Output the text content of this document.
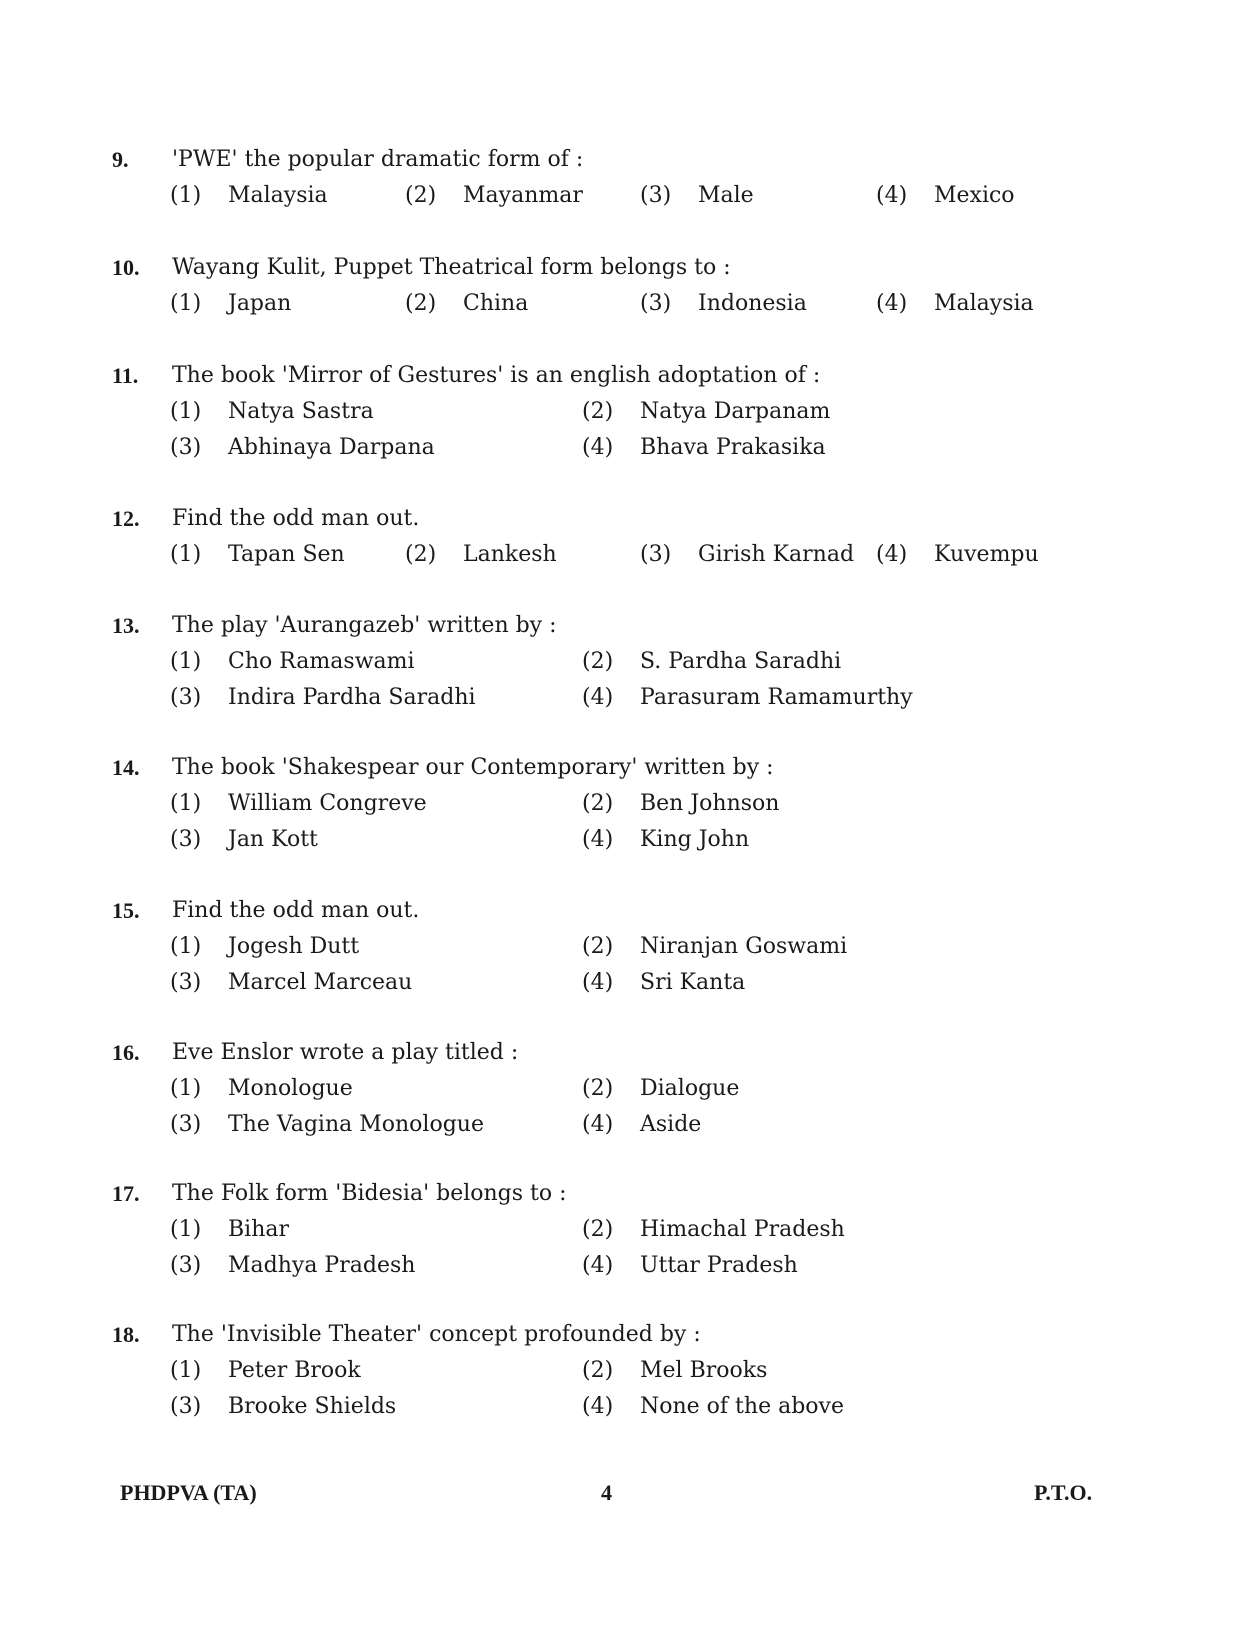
9. 'PWE' the popular dramatic form of :
(1) Malaysia	(2) Mayanmar	(3) Male	(4) Mexico
10. Wayang Kulit, Puppet Theatrical form belongs to :
(1) Japan	(2) China	(3) Indonesia	(4) Malaysia
11. The book 'Mirror of Gestures' is an english adoptation of :
(1) Natya Sastra	(2) Natya Darpanam
(3) Abhinaya Darpana	(4) Bhava Prakasika
12. Find the odd man out.
(1) Tapan Sen	(2) Lankesh	(3) Girish Karnad (4) Kuvempu
13. The play 'Aurangazeb' written by :
(1) Cho Ramaswami	(2) S. Pardha Saradhi
(3) Indira Pardha Saradhi	(4) Parasuram Ramamurthy
14. The book 'Shakespear our Contemporary' written by :
(1) William Congreve	(2) Ben Johnson
(3) Jan Kott	(4) King John
15. Find the odd man out.
(1) Jogesh Dutt	(2) Niranjan Goswami
(3) Marcel Marceau	(4) Sri Kanta
16. Eve Enslor wrote a play titled :
(1) Monologue	(2) Dialogue
(3) The Vagina Monologue	(4) Aside
17. The Folk form 'Bidesia' belongs to :
(1) Bihar	(2) Himachal Pradesh
(3) Madhya Pradesh	(4) Uttar Pradesh
18. The 'Invisible Theater' concept profounded by :
(1) Peter Brook	(2) Mel Brooks
(3) Brooke Shields	(4) None of the above
PHDPVA (TA)	4	P.T.O.
